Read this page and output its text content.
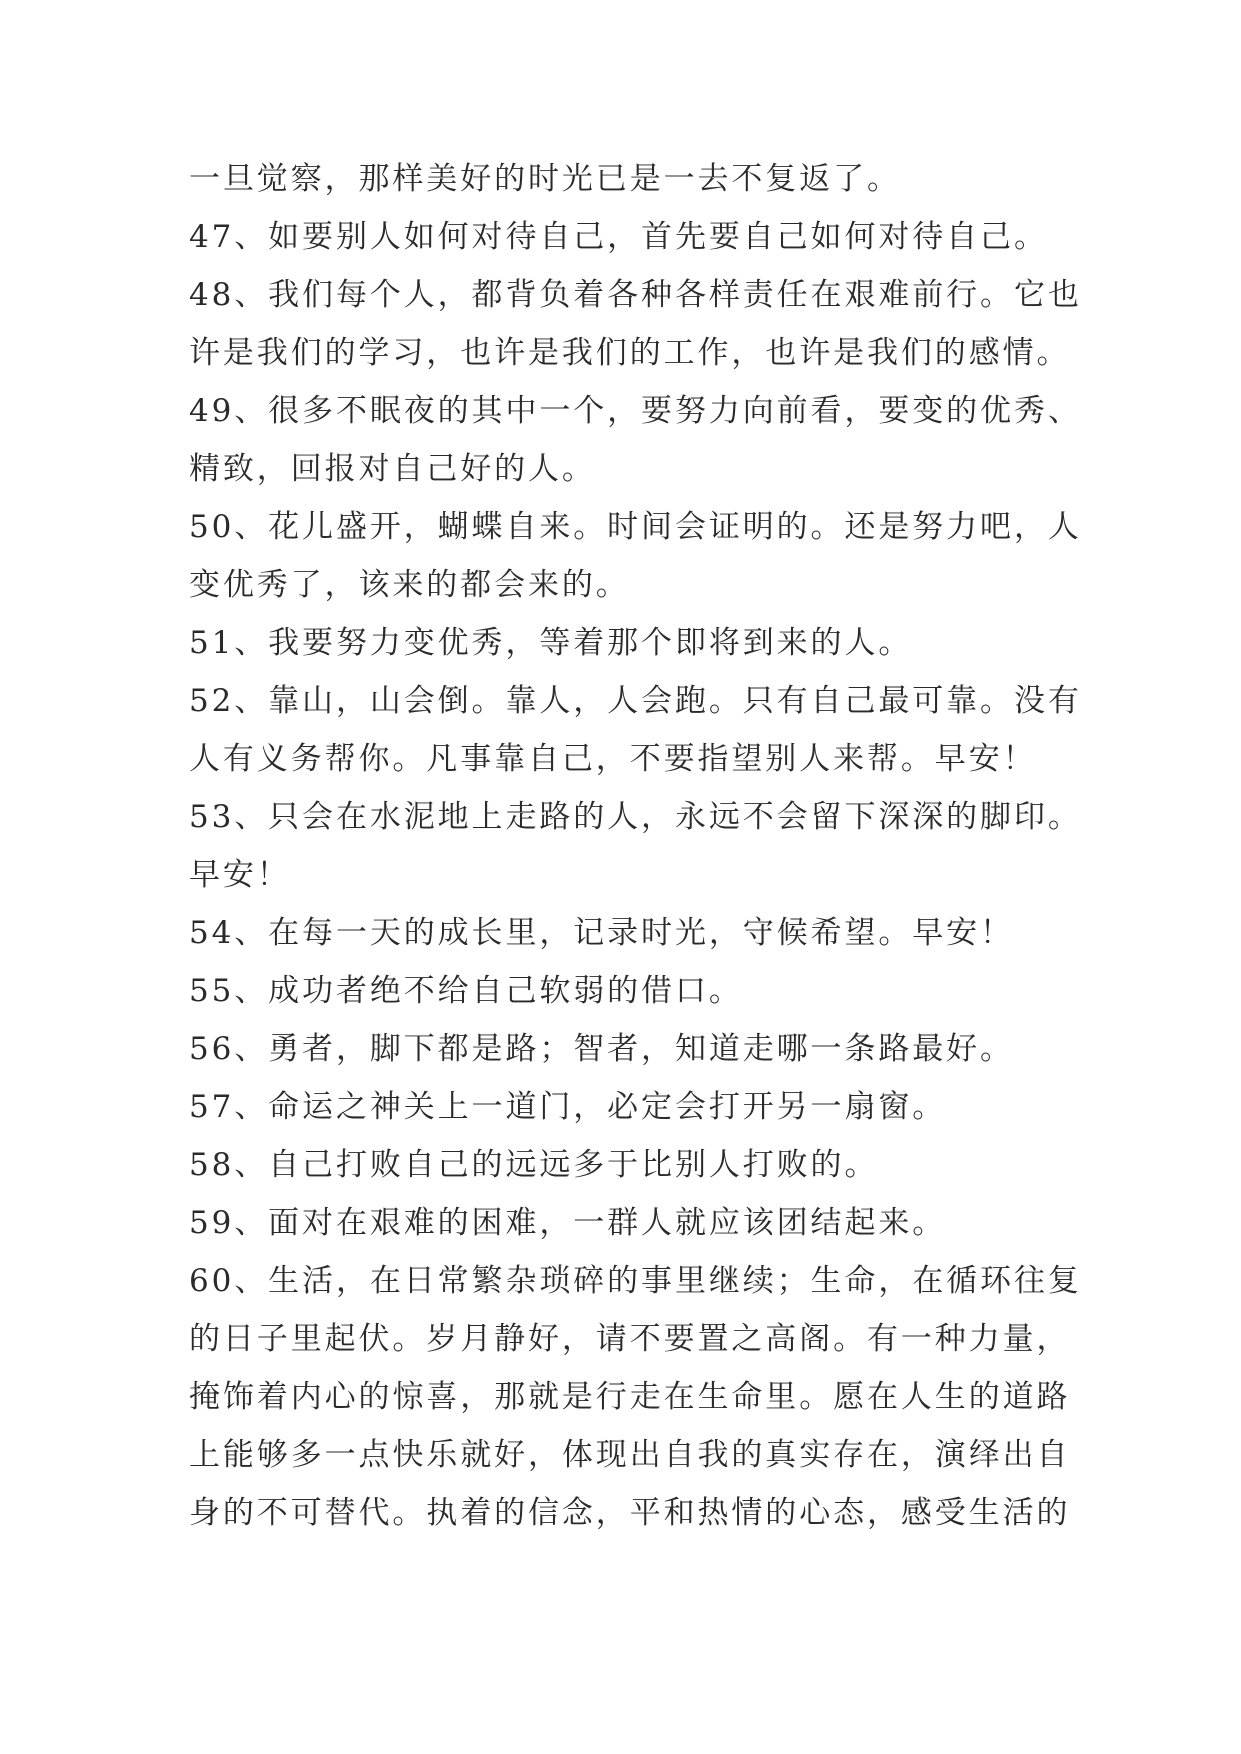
一旦觉察，那样美好的时光已是一去不复返了。
47、如要别人如何对待自己，首先要自己如何对待自己。
48、我们每个人，都背负着各种各样责任在艰难前行。它也
许是我们的学习，也许是我们的工作，也许是我们的感情。
49、很多不眠夜的其中一个，要努力向前看，要变的优秀、
精致，回报对自己好的人。
50、花儿盛开，蝴蝶自来。时间会证明的。还是努力吧，人
变优秀了，该来的都会来的。
51、我要努力变优秀，等着那个即将到来的人。
52、靠山，山会倒。靠人，人会跑。只有自己最可靠。没有
人有义务帮你。凡事靠自己，不要指望别人来帮。早安！
53、只会在水泥地上走路的人，永远不会留下深深的脚印。
早安！
54、在每一天的成长里，记录时光，守候希望。早安！
55、成功者绝不给自己软弱的借口。
56、勇者，脚下都是路；智者，知道走哪一条路最好。
57、命运之神关上一道门，必定会打开另一扇窗。
58、自己打败自己的远远多于比别人打败的。
59、面对在艰难的困难，一群人就应该团结起来。
60、生活，在日常繁杂琐碎的事里继续；生命，在循环往复
的日子里起伏。岁月静好，请不要置之高阁。有一种力量，
掩饰着内心的惊喜，那就是行走在生命里。愿在人生的道路
上能够多一点快乐就好，体现出自我的真实存在，演绎出自
身的不可替代。执着的信念，平和热情的心态，感受生活的
